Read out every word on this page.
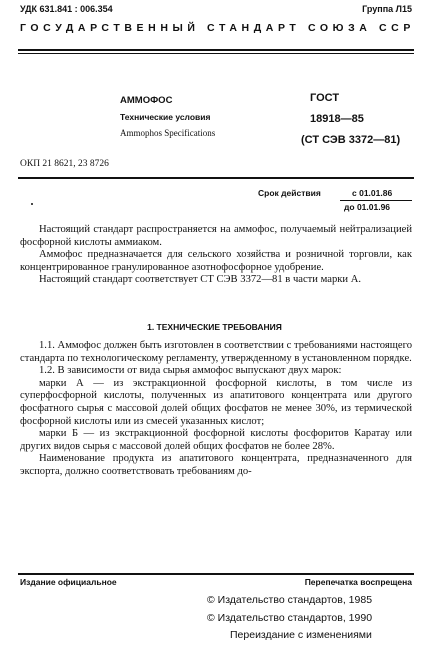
УДК 631.841 : 006.354	Группа Л15
ГОСУДАРСТВЕННЫЙ СТАНДАРТ СОЮЗА ССР
АММОФОС
Технические условия
Ammophos Specifications
ГОСТ
18918—85
(СТ СЭВ 3372—81)
ОКП 21 8621, 23 8726
Срок действия	с 01.01.86
до 01.01.96

Настоящий стандарт распространяется на аммофос, получаемый нейтрализацией фосфорной кислоты аммиаком.

Аммофос предназначается для сельского хозяйства и розничной торговли, как концентрированное гранулированное азотнофосфорное удобрение.

Настоящий стандарт соответствует СТ СЭВ 3372—81 в части марки А.

1. ТЕХНИЧЕСКИЕ ТРЕБОВАНИЯ

1.1. Аммофос должен быть изготовлен в соответствии с требованиями настоящего стандарта по технологическому регламенту, утвержденному в установленном порядке.

1.2. В зависимости от вида сырья аммофос выпускают двух марок:

марки А — из экстракционной фосфорной кислоты, в том числе из суперфосфорной кислоты, полученных из апатитового концентрата или другого фосфатного сырья с массовой долей общих фосфатов не менее 30%, из термической фосфорной кислоты или из смесей указанных кислот;

марки Б — из экстракционной фосфорной кислоты фосфоритов Каратау или других видов сырья с массовой долей общих фосфатов не более 28%.

Наименование продукта из апатитового концентрата, предназначенного для экспорта, должно соответствовать требованиям до-

Издание официальное	Перепечатка воспрещена
© Издательство стандартов, 1985
© Издательство стандартов, 1990
Переиздание с изменениями
